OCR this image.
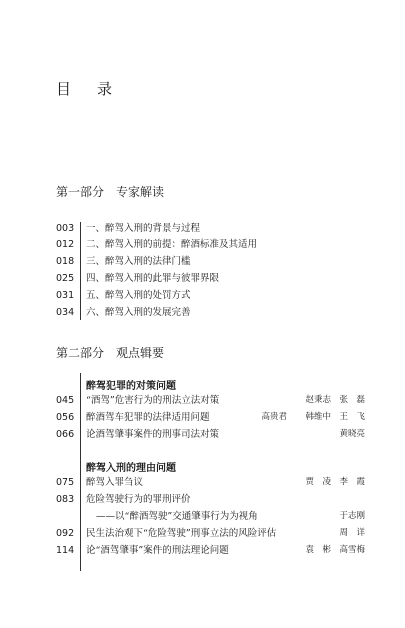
目录
第一部分 专家解读
003	一、醉驾入刑的背景与过程
012	二、醉驾入刑的前提：醉酒标准及其适用
018	三、醉驾入刑的法律门槛
025	四、醉驾入刑的此罪与彼罪界限
031	五、醉驾入刑的处罚方式
034	六、醉驾入刑的发展完善
第二部分 观点辑要
醉驾犯罪的对策问题
045	“酒驾”危害行为的刑法立法对策	赵秉志　张　磊
056	醉酒驾车犯罪的法律适用问题	高贵君 韩维中　王　飞
066	论酒驾肇事案件的刑事司法对策	黄晓亮
醉驾入刑的理由问题
075	醉驾入罪刍议	贾　凌　李　霞
083	危险驾驶行为的罪刑评价
——以“醉酒驾驶”交通肇事行为为视角	于志刚
092	民生法治观下“危险驾驶”刑事立法的风险评估	周　详
114	论“酒驾肇事”案件的刑法理论问题	袁　彬　高雪梅
